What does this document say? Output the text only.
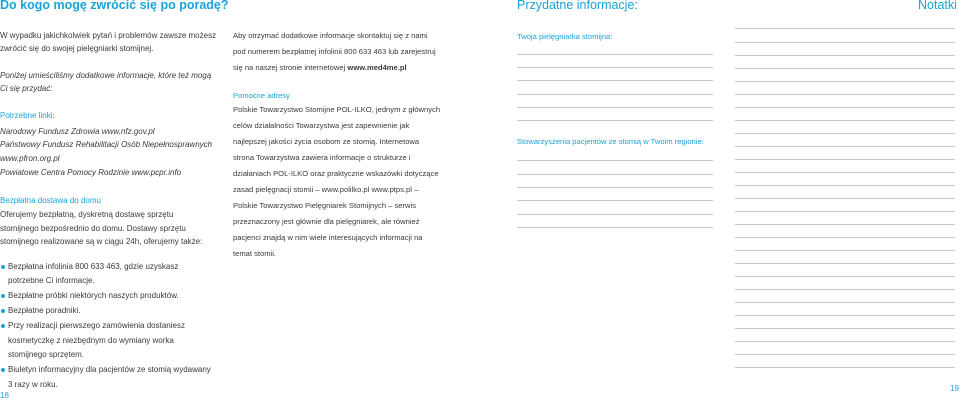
Do kogo mogę zwrócić się po poradę?
W wypadku jakichkolwiek pytań i problemów zawsze możesz
zwrócić się do swojej pielęgniarki stomijnej.
Poniżej umieściliśmy dodatkowe informacje, które też mogą
Ci się przydać:
Potrzebne linki:
Narodowy Fundusz Zdrowia www.nfz.gov.pl
Państwowy Fundusz Rehabilitacji Osób Niepełnosprawnych
www.pfron.org.pl
Powiatowe Centra Pomocy Rodzinie www.pcpr.info
Bezpłatna dostawa do domu
Oferujemy bezpłatną, dyskretną dostawę sprzętu
stomijnego bezpośrednio do domu. Dostawy sprzętu
stomijnego realizowane są w ciągu 24h, oferujemy także:
Bezpłatna infolinia 800 633 463, gdzie uzyskasz
potrzebne Ci informacje.
Bezpłatne próbki niektórych naszych produktów.
Bezpłatne poradniki.
Przy realizacji pierwszego zamówienia dostaniesz
kosmetyczkę z niezbędnym do wymiany worka
stomijnego sprzętem.
Biuletyn informacyjny dla pacjentów ze stomią wydawany
3 razy w roku.
18
Aby otrzymać dodatkowe informacje skontaktuj się z nami
pod numerem bezpłatnej infolinii 800 633 463 lub zarejestruj
się na naszej stronie internetowej www.med4me.pl
Pomocne adresy
Polskie Towarzystwo Stomijne POL-ILKO, jednym z głównych
celów działalności Towarzystwa jest zapewnienie jak
najlepszej jakości życia osobom ze stomią. Internetowa
strona Towarzystwa zawiera informacje o strukturze i
działaniach POL-ILKO oraz praktyczne wskazówki dotyczące
zasad pielęgnacji stomii – www.polilko.pl www.ptps.pl –
Polskie Towarzystwo Pielęgniarek Stomijnych – serwis
przeznaczony jest głównie dla pielęgniarek, ale również
pacjenci znajdą w nim wiele interesujących informacji na
temat stomii.
Przydatne informacje:
Twoja pielęgniarka stomijna:
Stowarzyszenia pacjentów ze stomią w Twoim regionie:
Notatki
19
